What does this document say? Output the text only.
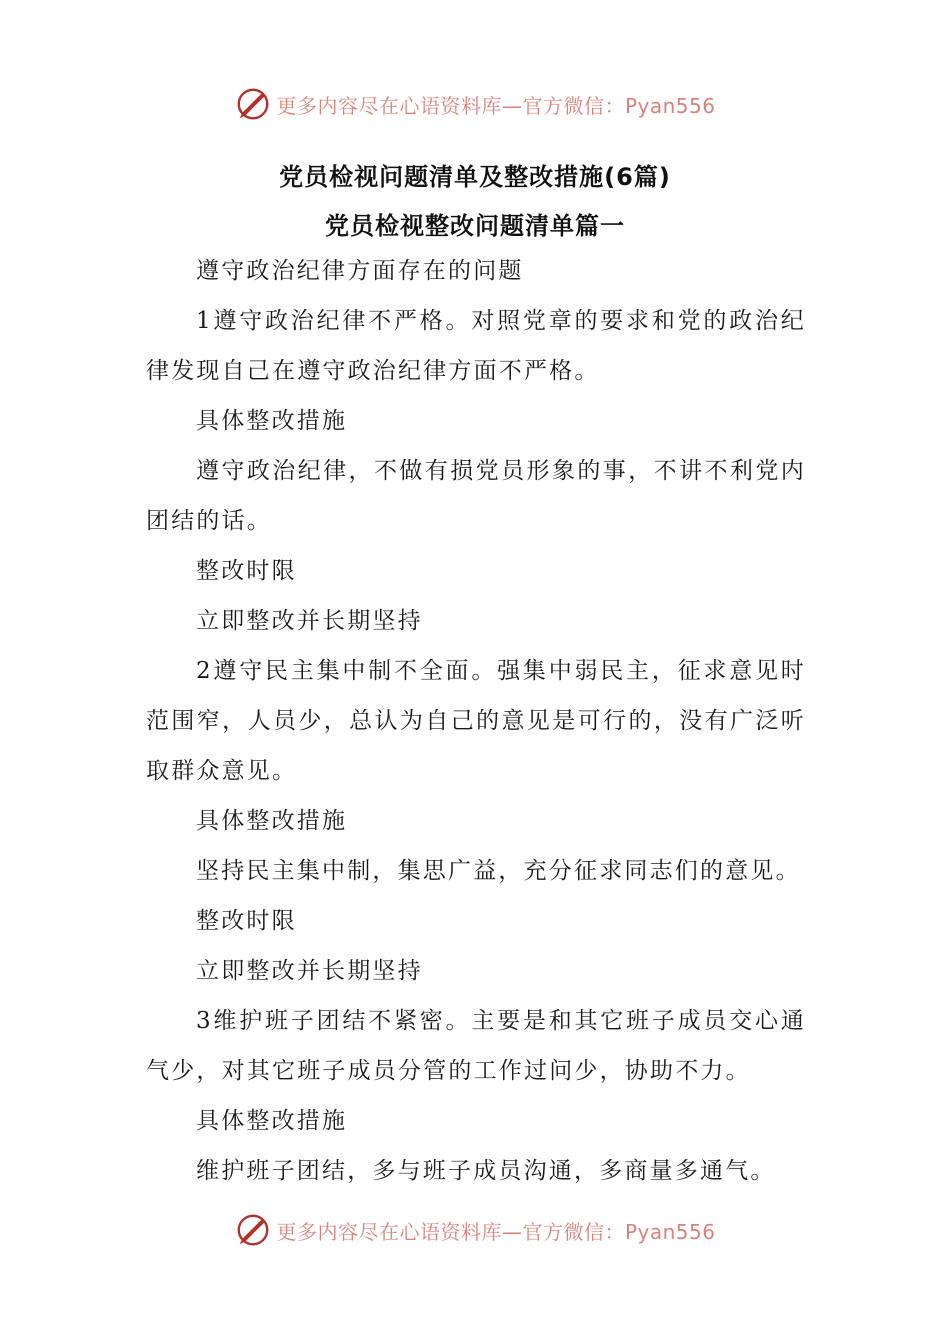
更多内容尽在心语资料库—官方微信：Pyan556
党员检视问题清单及整改措施(6篇)
党员检视整改问题清单篇一

遵守政治纪律方面存在的问题

1遵守政治纪律不严格。对照党章的要求和党的政治纪律发现自己在遵守政治纪律方面不严格。

具体整改措施

遵守政治纪律，不做有损党员形象的事，不讲不利党内团结的话。

整改时限

立即整改并长期坚持

2遵守民主集中制不全面。强集中弱民主，征求意见时范围窄，人员少，总认为自己的意见是可行的，没有广泛听取群众意见。

具体整改措施

坚持民主集中制，集思广益，充分征求同志们的意见。

整改时限

立即整改并长期坚持

3维护班子团结不紧密。主要是和其它班子成员交心通气少，对其它班子成员分管的工作过问少，协助不力。

具体整改措施

维护班子团结，多与班子成员沟通，多商量多通气。

更多内容尽在心语资料库—官方微信：Pyan556
